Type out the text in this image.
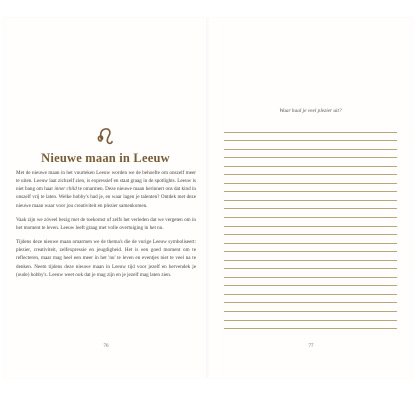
Nieuwe maan in Leeuw

Met de nieuwe maan in het vuurteken Leeuw worden we de behoefte om onszelf meer te uiten. Leeuw laat zichzelf zien, is expressief en staat graag in de spotlights. Leeuw is niet bang om haar inner child te omarmen. Deze nieuwe maan herinnert ons dat kind in onszelf vrij te laten. Welke hobby's had je, en waar lagen je talenten? Ontdek met deze nieuwe maan waar voor jou creativiteit en plezier samenkomen.

Vaak zijn we zóveel bezig met de toekomst of zelfs het verleden dat we vergeten om in het moment te leven. Leeuw leeft graag met volle overtuiging in het nu.

Tijdens deze nieuwe maan omarmen we de thema's die de vurige Leeuw symboliseert: plezier, creativiteit, zelfexpressie en jeugdigheid. Het is een goed moment om te reflecteren, maar mag heel een meer in het 'nu' te leven en eventjes niet te veel na te denken. Neem tijdens deze nieuwe maan in Leeuw tijd voor jezelf en hervendek je (oude) hobby's. Leeuw weet ook dat je mag zijn en je jezelf mag laten zien.

76
Waar haal je veel plezier uit?
77
